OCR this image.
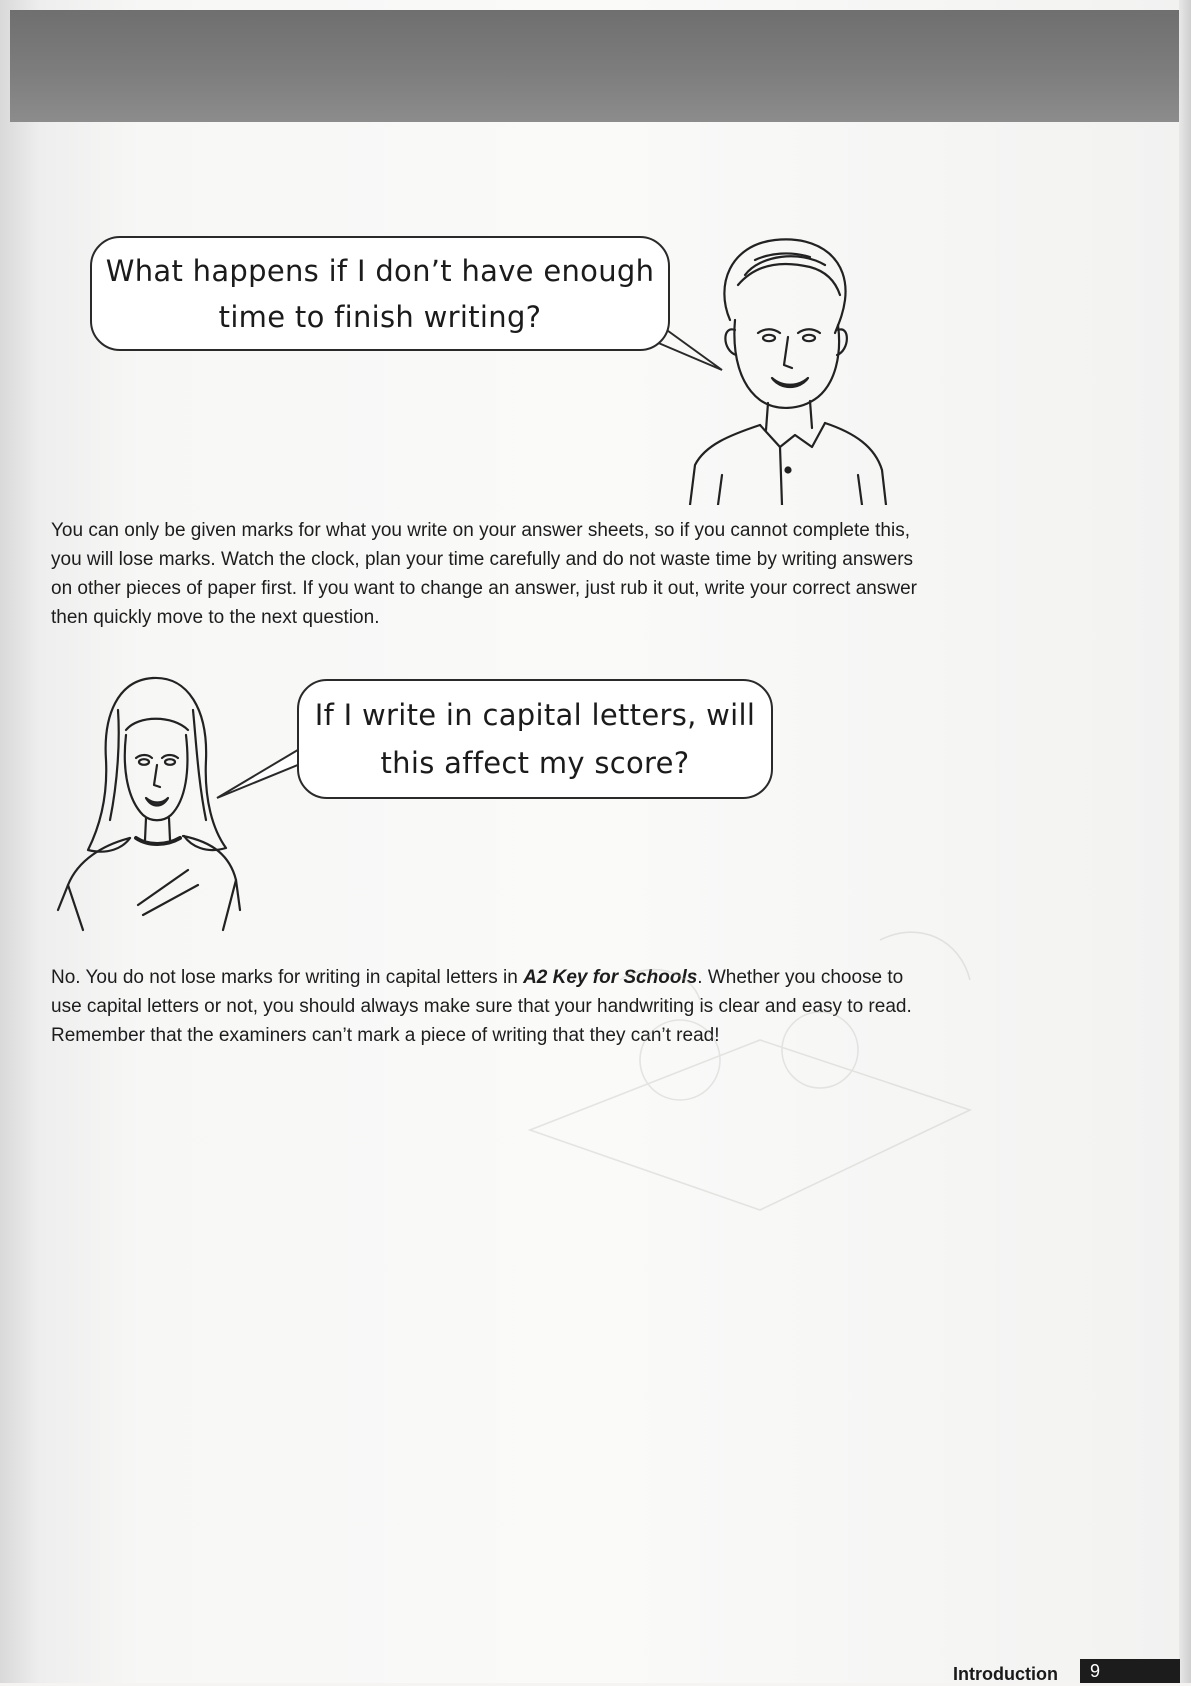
What happens if I don’t have enough
time to finish writing?

You can only be given marks for what you write on your answer sheets, so if you cannot complete this, you will lose marks. Watch the clock, plan your time carefully and do not waste time by writing answers on other pieces of paper first. If you want to change an answer, just rub it out, write your correct answer then quickly move to the next question.

If I write in capital letters, will
this affect my score?

No. You do not lose marks for writing in capital letters in A2 Key for Schools. Whether you choose to use capital letters or not, you should always make sure that your handwriting is clear and easy to read. Remember that the examiners can’t mark a piece of writing that they can’t read!

Introduction	9
